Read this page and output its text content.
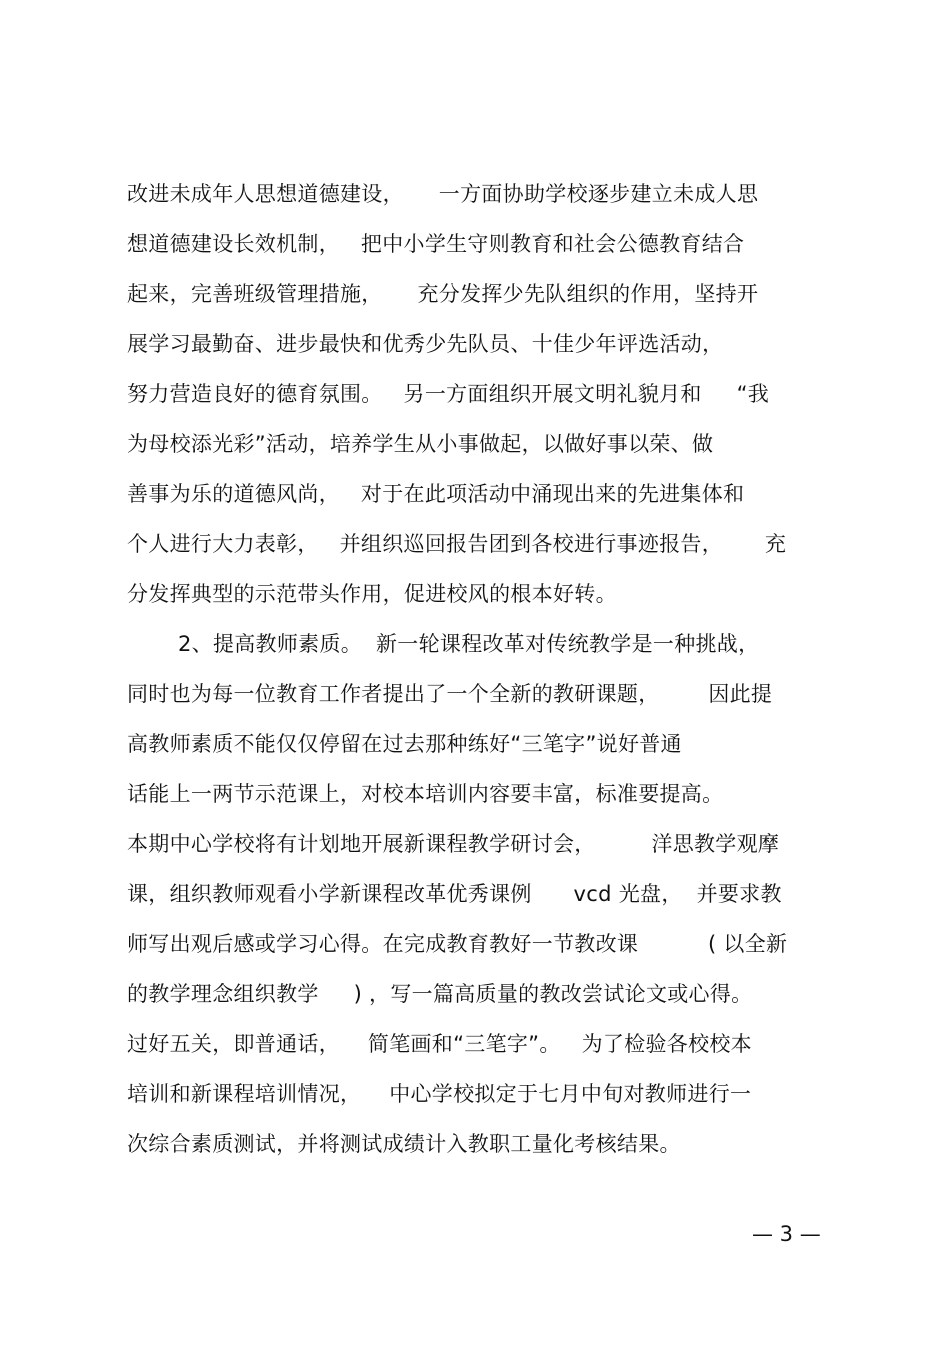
改进未成年人思想道德建设，     一方面协助学校逐步建立未成人思
想道德建设长效机制，   把中小学生守则教育和社会公德教育结合
起来，完善班级管理措施，     充分发挥少先队组织的作用，坚持开
展学习最勤奋、进步最快和优秀少先队员、十佳少年评选活动，
努力营造良好的德育氛围。   另一方面组织开展文明礼貌月和     “我
为母校添光彩”活动，培养学生从小事做起，以做好事以荣、做
善事为乐的道德风尚，   对于在此项活动中涌现出来的先进集体和
个人进行大力表彰，   并组织巡回报告团到各校进行事迹报告，      充
分发挥典型的示范带头作用，促进校风的根本好转。
2、提高教师素质。  新一轮课程改革对传统教学是一种挑战，
同时也为每一位教育工作者提出了一个全新的教研课题，       因此提
高教师素质不能仅仅停留在过去那种练好“三笔字”说好普通
话能上一两节示范课上，对校本培训内容要丰富，标准要提高。
本期中心学校将有计划地开展新课程教学研讨会，        洋思教学观摩
课，组织教师观看小学新课程改革优秀课例      vcd 光盘，  并要求教
师写出观后感或学习心得。在完成教育教好一节教改课          ( 以全新
的教学理念组织教学     ) ，写一篇高质量的教改尝试论文或心得。
过好五关，即普通话，    简笔画和“三笔字”。   为了检验各校校本
培训和新课程培训情况，    中心学校拟定于七月中旬对教师进行一
次综合素质测试，并将测试成绩计入教职工量化考核结果。
— 3 —
